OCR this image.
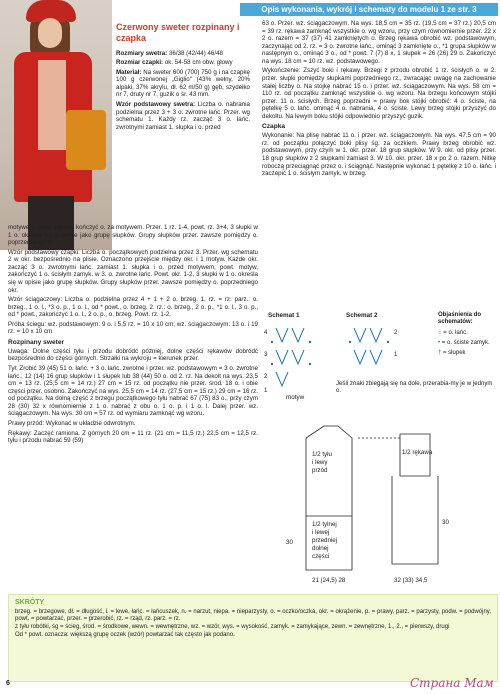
Opis wykonania, wykrój i schematy do modelu 1 ze str. 3
Czerwony sweter rozpinany i czapka

Rozmiary swetra: 36/38 (42/44) 46/48

Rozmiar czapki: ok. 54-58 cm obw. głowy

Materiał: Na sweter 600 (700) 750 g i na czapkę 100 g czerwonej „Giglio" (43% wełny, 20% alpaki, 37% akrylu, dł. 62 m/50 g) gęb, szydełko nr 7, druty nr 7, guzik o śr. 43 mm.

Wzór podstawowy swetra: Liczba o. nabrania podzielna przez 3 + 3 o. zwrotne łańc. Przer. wg schematu 1. Każdy rz. zacząć 3 o. łańc. zwrotnymi zamiast 1. słupka i o. przed

motywem, powt. motyw, kończyć o. za motywem. Przer. 1 rz. 1-4, powt. rz. 3+4, 3 słupki w 1 o. określa się w opisie jako grupę słupków. Grupy słupków przer. zawsze pomiędzy o. poprzedniego rz.

Wzór podstawowy czapki: Liczba o. początkowych podzielna przez 3. Przer. wg schematu 2 w okr. bezpośrednio na plisie. Oznaczono przejście między okr. i 1 motyw. Każde okr. zacząć 3 o. zwrotnymi łańc. zamiast 1. słupka i o. przed motywem, powt. motyw, zakończyć 1 o. ścisłym zamyk. w 3. o. zwrotne łańc. Powt. okr. 1-2, 3 słupki w 1 o. określa się w opisie jako grupę słupków. Grupy słupków przer. zawsze pomiędzy o. poprzedniego okr.

Wzór ściągaczowy: Liczba o. podzielna przez 4 + 1 + 2 o. brzeg. 1. rz. = rz. parz.: o. brzeg., 1 o. l., *3 o. p., 1 o. l., od * powt., o. brzeg. 2. rz.: o. brzeg., 2 o. p., *1 o. l., 3 o. p., od * powt., zakończyć 1 o. l., 2 o. p., o. brzeg. Powt. rz. 1-2.

Próba ściegu: wz. podstawowym: 9 o. i 5,5 rz. = 10 x 10 cm; wz. ściągaczowym: 13 o. i 19 rz. = 10 x 10 cm

Rozpinany sweter

Uwaga: Dolne części tyłu i przodu dobródć później, dolne części rękawów dobródć bezpośrednio do części górnych. Strzałki na wykroju = kierunek przer.

Tył: Zrobić 39 (45) 51 o. łańc. + 3 o. łańc. zwrotne i przer. wz. podstawowym = 3 o. zwrotne łańc., 12 (14) 16 grup słupków i 1 słupek lub 38 (44) 50 o. od 2. rz. Na dekolt na wys. 23,5 cm = 13 rz. (25,5 cm = 14 rz.) 27 cm = 15 rz. od początku nie przer. środ. 18 o. i obie części przer. osobno. Zakończyć na wys. 25,5 cm = 14 rz. (27,5 cm = 15 rz.) 29 cm = 16 rz. od początku. Na dolną część z brzegu początkowego tyłu nabrać 67 (75) 83 o., przy czym 28 (30) 32 x równomiernie z 1 o. nabrać z obu o. 1 o. p. i 1 o. l. Dalej przer. wz. ściągaczowym. Na wys. 30 cm = 57 rz. od wymiaru zamknąć wg wzoru.

Prawy przód: Wykonać w układzie odwrotnym.

Rękawy: Zaczęć ramiona. Z górnych 20 cm = 11 rz. (21 cm = 11,5 rz.) 22,5 cm = 12,5 rz. tyłu i przodu nabrać 59 (59)

63 o. Przer. wz. ściągaczowym. Na wys. 18,5 cm = 35 rz. (19,5 cm = 37 rz.) 20,5 cm = 39 rz. rękawa zamknąć wszystkie o. wg wzoru, przy czym równomiernie przer. 22 x 2 o. razem = 37 (37) 41 zamkniętych o. Brzeg rękawa obrobić wz. podstawowym, zaczynając od 2. rz. = 3 o. zwrotne łańc., ominąć 3 zamknięte o., *1 grupa słupków w następnym o., ominąć 3 o., od * powt. 7 (7) 8 x, 1 słupek = 26 (26) 29 o. Zakończyć na wys. 18 cm = 10 rz. wz. podstawowego.

Wykończenie: Zszyć boki i rękawy. Brzegi z przodu obrobić 1 rz. ścisłych o. w 2. przer. słupki pomiędzy słupkami poprzedniego rz., zwracając uwagę na zachowanie stałej liczby o. Na stojkę nabrać 15 o. i przer. wz. ściągaczowym. Na wys. 58 cm = 110 rz. od początku zamknąć wszystkie o. wg wzoru. Na brzegu końcowym stójki przer. 11 o. ścisłych. Brzeg poprzedni = prawy bok stójki obrobić: 4 o. ściste, na pętelkę 5 o. łańc. ominąć 4 o. nabrania, 4 o. ściste. Lewy brzeg stójki przyszyć do dekoltu. Na lewym boku stójki odpowiednio przyszyć guzik.

Czapka

Wykonanie: Na plisę nabrać 11 o. i przer. wz. ściągaczowym. Na wys. 47,5 cm = 90 rz. od początku połączyć boki plisy śg. za oczkiem. Prawy brzeg obrobić wz. podstawowym, przy czym w 1. okr. przer. 18 grup słupków. W 9. okr. od plisy przer. 18 grup słupków z 2 słupkami zamiast 3. W 10. okr. przer. 18 x po 2 o. razem. Nitkę roboczą przeciągnąć przez o. i ściągnąć. Następnie wykonać 1 pętelkę z 10 o. łańc. i zaczepić 1 o. ścisłym zamyk. w brzeg.

Schemat 1	Schemat 2
4
3
2
1
2
1
motyw
Objaśnienia do schematów:
○ = o. łańc.
• = o. ściste zamyk.
† = słupek
Jeśli znaki zbiegają się na dole, przerabia-my je w jednym o.
1/2 tyłu
i lewy
przód
1/2 tylnej
i lewej
przedniej
dolnej
części
1/2 rękawa
30
30
21 (24,5) 28	32 (33) 34,5
SKRÓTY

brzeg. = brzegowe, dł. = długość, l. = lewe, łańc. = łańcuszek, n. = narzut, niepa. = nieparzysty, o. = oczko/oczka, okr. = okrążenie, p. = prawy, parz. = parzysty, podw. = podwójny, powt. = powtarzać, przer. = przerobić, rz. = rząd, rz. parz. = rz.

z tyłu robótki, śg = ścieg, środ. = środkowe, wewn. = wewnętrzne, wz. = wzór, wys. = wysokość, zamyk. = zamykające, zewn. = zewnętrzne, 1., 2., = pierwszy, drugi

Od * powt. oznacza: większą grupę oczek (wzór) powtarzać tak często jak podano.

6	Страна Мам
